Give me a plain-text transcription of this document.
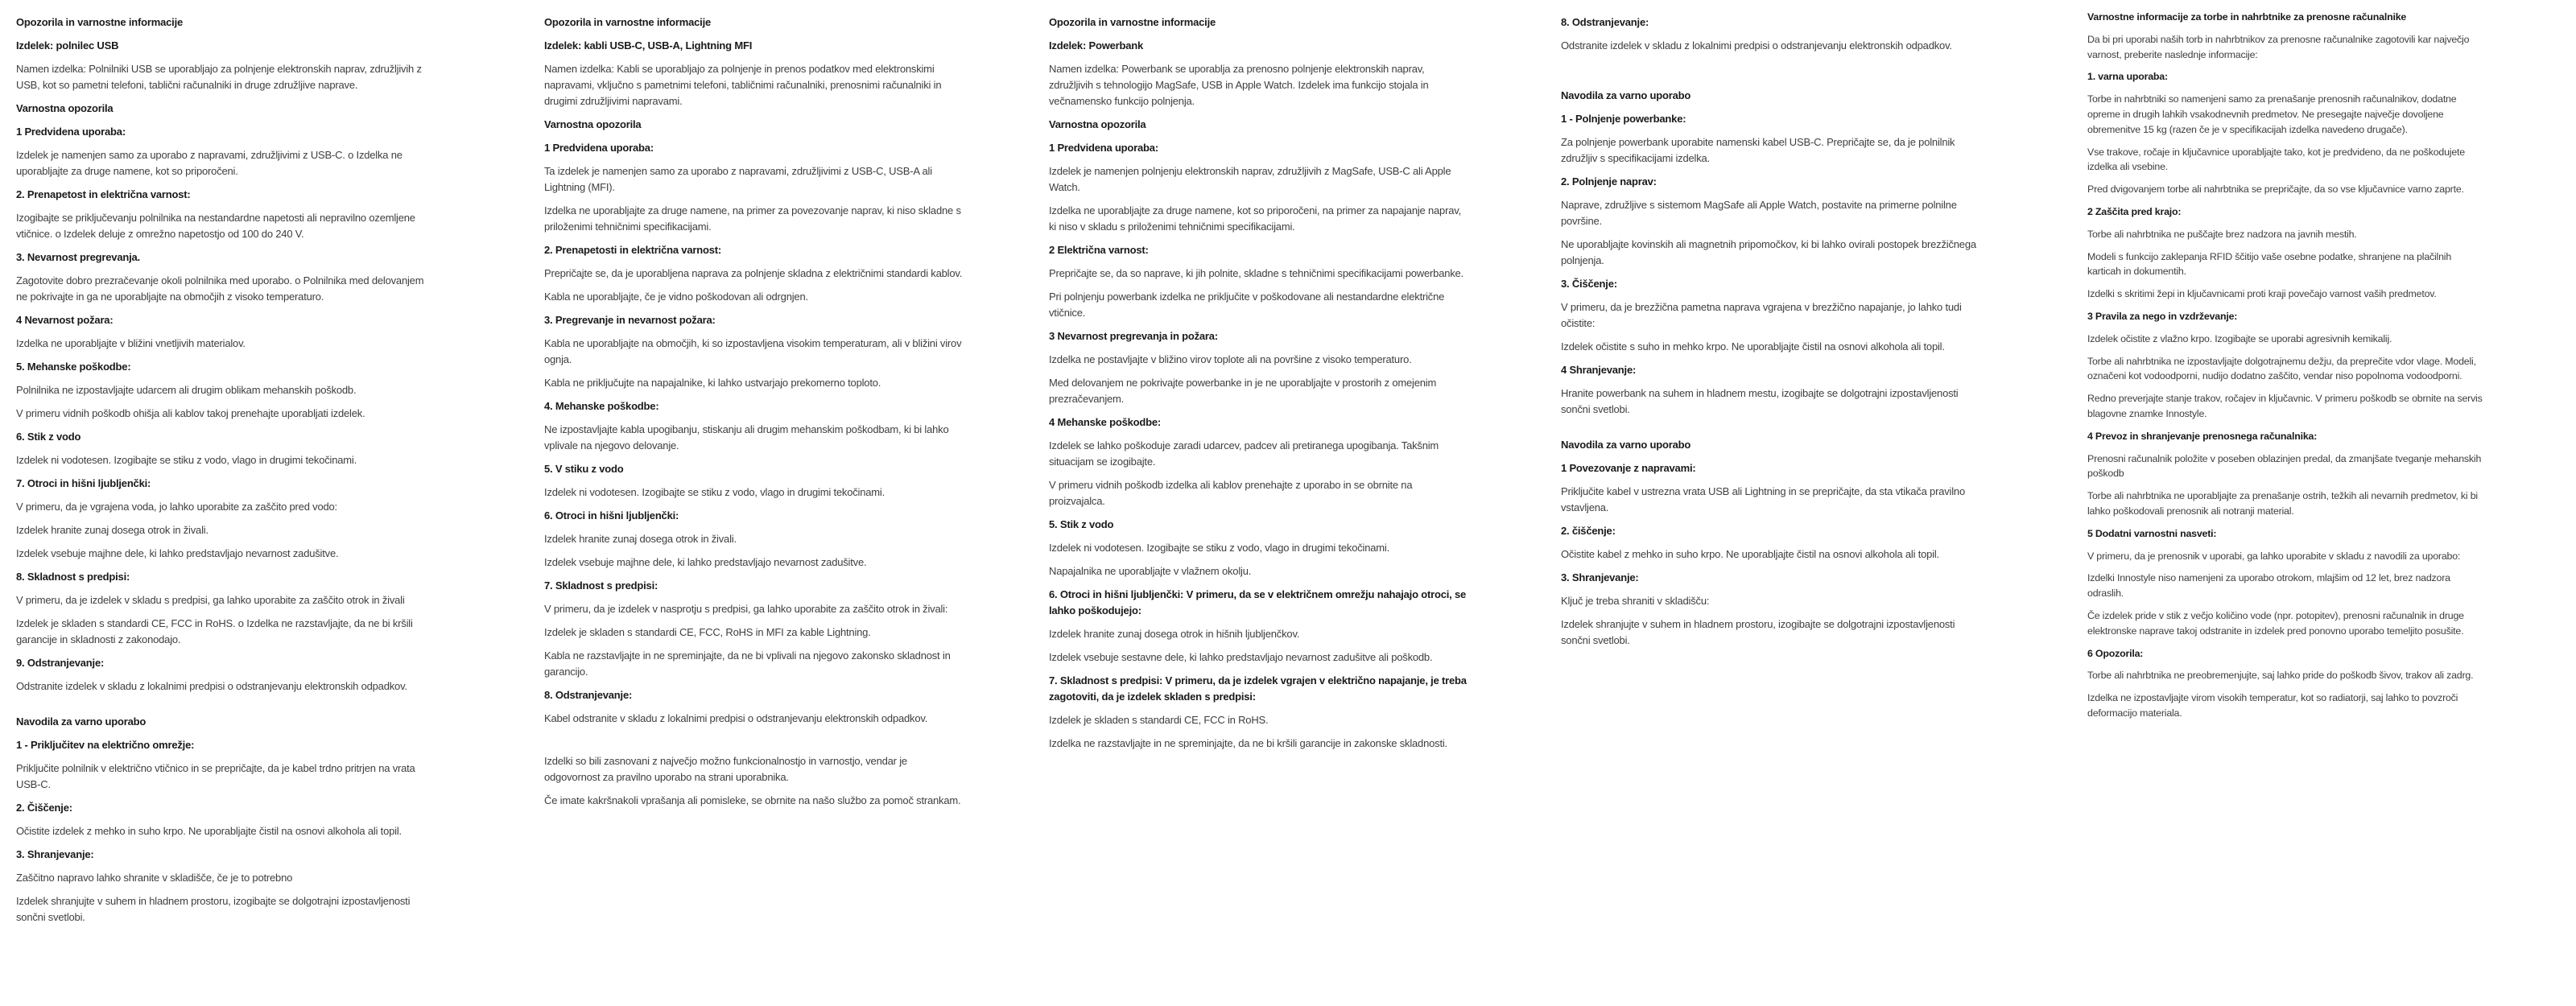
Opozorila in varnostne informacije
Izdelek: polnilec USB

Namen izdelka: Polnilniki USB se uporabljajo za polnjenje elektronskih naprav, združljivih z USB, kot so pametni telefoni, tablični računalniki in druge združljive naprave.

Varnostna opozorila
1 Predvidena uporaba:

Izdelek je namenjen samo za uporabo z napravami, združljivimi z USB-C. o Izdelka ne uporabljajte za druge namene, kot so priporočeni.

2. Prenapetost in električna varnost:

Izogibajte se priključevanju polnilnika na nestandardne napetosti ali nepravilno ozemljene vtičnice. o Izdelek deluje z omrežno napetostjo od 100 do 240 V.

3. Nevarnost pregrevanja.

Zagotovite dobro prezračevanje okoli polnilnika med uporabo. o Polnilnika med delovanjem ne pokrivajte in ga ne uporabljajte na območjih z visoko temperaturo.

4 Nevarnost požara:

Izdelka ne uporabljajte v bližini vnetljivih materialov.

5. Mehanske poškodbe:

Polnilnika ne izpostavljajte udarcem ali drugim oblikam mehanskih poškodb.

V primeru vidnih poškodb ohišja ali kablov takoj prenehajte uporabljati izdelek.

6. Stik z vodo

Izdelek ni vodotesen. Izogibajte se stiku z vodo, vlago in drugimi tekočinami.

7. Otroci in hišni ljubljenčki:

V primeru, da je vgrajena voda, jo lahko uporabite za zaščito pred vodo:

Izdelek hranite zunaj dosega otrok in živali.

Izdelek vsebuje majhne dele, ki lahko predstavljajo nevarnost zadušitve.

8. Skladnost s predpisi:

V primeru, da je izdelek v skladu s predpisi, ga lahko uporabite za zaščito otrok in živali

Izdelek je skladen s standardi CE, FCC in RoHS. o Izdelka ne razstavljajte, da ne bi kršili garancije in skladnosti z zakonodajo.

9. Odstranjevanje:

Odstranite izdelek v skladu z lokalnimi predpisi o odstranjevanju elektronskih odpadkov.

Navodila za varno uporabo
1 - Priključitev na električno omrežje:

Priključite polnilnik v električno vtičnico in se prepričajte, da je kabel trdno pritrjen na vrata USB-C.

2. Čiščenje:

Očistite izdelek z mehko in suho krpo. Ne uporabljajte čistil na osnovi alkohola ali topil.

3. Shranjevanje:

Zaščitno napravo lahko shranite v skladišče, če je to potrebno

Izdelek shranjujte v suhem in hladnem prostoru, izogibajte se dolgotrajni izpostavljenosti sončni svetlobi.

Opozorila in varnostne informacije
Izdelek: kabli USB-C, USB-A, Lightning MFI

Namen izdelka: Kabli se uporabljajo za polnjenje in prenos podatkov med elektronskimi napravami, vključno s pametnimi telefoni, tabličnimi računalniki, prenosnimi računalniki in drugimi združljivimi napravami.

Varnostna opozorila
1 Predvidena uporaba:

Ta izdelek je namenjen samo za uporabo z napravami, združljivimi z USB-C, USB-A ali Lightning (MFI).

Izdelka ne uporabljajte za druge namene, na primer za povezovanje naprav, ki niso skladne s priloženimi tehničnimi specifikacijami.

2. Prenapetosti in električna varnost:

Prepričajte se, da je uporabljena naprava za polnjenje skladna z električnimi standardi kablov.

Kabla ne uporabljajte, če je vidno poškodovan ali odrgnjen.

3. Pregrevanje in nevarnost požara:

Kabla ne uporabljajte na območjih, ki so izpostavljena visokim temperaturam, ali v bližini virov ognja.

Kabla ne priključujte na napajalnike, ki lahko ustvarjajo prekomerno toploto.

4. Mehanske poškodbe:

Ne izpostavljajte kabla upogibanju, stiskanju ali drugim mehanskim poškodbam, ki bi lahko vplivale na njegovo delovanje.

5. V stiku z vodo

Izdelek ni vodotesen. Izogibajte se stiku z vodo, vlago in drugimi tekočinami.

6. Otroci in hišni ljubljenčki:

Izdelek hranite zunaj dosega otrok in živali.

Izdelek vsebuje majhne dele, ki lahko predstavljajo nevarnost zadušitve.

7. Skladnost s predpisi:

V primeru, da je izdelek v nasprotju s predpisi, ga lahko uporabite za zaščito otrok in živali:

Izdelek je skladen s standardi CE, FCC, RoHS in MFI za kable Lightning.

Kabla ne razstavljajte in ne spreminjajte, da ne bi vplivali na njegovo zakonsko skladnost in garancijo.

8. Odstranjevanje:

Kabel odstranite v skladu z lokalnimi predpisi o odstranjevanju elektronskih odpadkov.

Izdelki so bili zasnovani z največjo možno funkcionalnostjo in varnostjo, vendar je odgovornost za pravilno uporabo na strani uporabnika.

Če imate kakršnakoli vprašanja ali pomisleke, se obrnite na našo službo za pomoč strankam.

Opozorila in varnostne informacije
Izdelek: Powerbank

Namen izdelka: Powerbank se uporablja za prenosno polnjenje elektronskih naprav, združljivih s tehnologijo MagSafe, USB in Apple Watch. Izdelek ima funkcijo stojala in večnamensko funkcijo polnjenja.

Varnostna opozorila
1 Predvidena uporaba:

Izdelek je namenjen polnjenju elektronskih naprav, združljivih z MagSafe, USB-C ali Apple Watch.

Izdelka ne uporabljajte za druge namene, kot so priporočeni, na primer za napajanje naprav, ki niso v skladu s priloženimi tehničnimi specifikacijami.

2 Električna varnost:

Prepričajte se, da so naprave, ki jih polnite, skladne s tehničnimi specifikacijami powerbanke.

Pri polnjenju powerbank izdelka ne priključite v poškodovane ali nestandardne električne vtičnice.

3 Nevarnost pregrevanja in požara:

Izdelka ne postavljajte v bližino virov toplote ali na površine z visoko temperaturo.

Med delovanjem ne pokrivajte powerbanke in je ne uporabljajte v prostorih z omejenim prezračevanjem.

4 Mehanske poškodbe:

Izdelek se lahko poškoduje zaradi udarcev, padcev ali pretiranega upogibanja. Takšnim situacijam se izogibajte.

V primeru vidnih poškodb izdelka ali kablov prenehajte z uporabo in se obrnite na proizvajalca.

5. Stik z vodo

Izdelek ni vodotesen. Izogibajte se stiku z vodo, vlago in drugimi tekočinami.

Napajalnika ne uporabljajte v vlažnem okolju.

6. Otroci in hišni ljubljenčki: V primeru, da se v električnem omrežju nahajajo otroci, se lahko poškodujejo:

Izdelek hranite zunaj dosega otrok in hišnih ljubljenčkov.

Izdelek vsebuje sestavne dele, ki lahko predstavljajo nevarnost zadušitve ali poškodb.

7. Skladnost s predpisi: V primeru, da je izdelek vgrajen v električno napajanje, je treba zagotoviti, da je izdelek skladen s predpisi:

Izdelek je skladen s standardi CE, FCC in RoHS.

Izdelka ne razstavljajte in ne spreminjajte, da ne bi kršili garancije in zakonske skladnosti.

8. Odstranjevanje:

Odstranite izdelek v skladu z lokalnimi predpisi o odstranjevanju elektronskih odpadkov.

Navodila za varno uporabo
1 - Polnjenje powerbanke:

Za polnjenje powerbank uporabite namenski kabel USB-C. Prepričajte se, da je polnilnik združljiv s specifikacijami izdelka.

2. Polnjenje naprav:

Naprave, združljive s sistemom MagSafe ali Apple Watch, postavite na primerne polnilne površine.

Ne uporabljajte kovinskih ali magnetnih pripomočkov, ki bi lahko ovirali postopek brezžičnega polnjenja.

3. Čiščenje:

V primeru, da je brezžična pametna naprava vgrajena v brezžično napajanje, jo lahko tudi očistite:

Izdelek očistite s suho in mehko krpo. Ne uporabljajte čistil na osnovi alkohola ali topil.

4 Shranjevanje:

Hranite powerbank na suhem in hladnem mestu, izogibajte se dolgotrajni izpostavljenosti sončni svetlobi.

Navodila za varno uporabo
1 Povezovanje z napravami:

Priključite kabel v ustrezna vrata USB ali Lightning in se prepričajte, da sta vtikača pravilno vstavljena.

2. čiščenje:

Očistite kabel z mehko in suho krpo. Ne uporabljajte čistil na osnovi alkohola ali topil.

3. Shranjevanje:

Ključ je treba shraniti v skladišču:

Izdelek shranjujte v suhem in hladnem prostoru, izogibajte se dolgotrajni izpostavljenosti sončni svetlobi.

Varnostne informacije za torbe in nahrbtnike za prenosne računalnike

Da bi pri uporabi naših torb in nahrbtnikov za prenosne računalnike zagotovili kar največjo varnost, preberite naslednje informacije:

1. varna uporaba:

Torbe in nahrbtniki so namenjeni samo za prenašanje prenosnih računalnikov, dodatne opreme in drugih lahkih vsakodnevnih predmetov. Ne presegajte največje dovoljene obremenitve 15 kg (razen če je v specifikacijah izdelka navedeno drugače).

Vse trakove, ročaje in ključavnice uporabljajte tako, kot je predvideno, da ne poškodujete izdelka ali vsebine.

Pred dvigovanjem torbe ali nahrbtnika se prepričajte, da so vse ključavnice varno zaprte.

2 Zaščita pred krajo:

Torbe ali nahrbtnika ne puščajte brez nadzora na javnih mestih.

Modeli s funkcijo zaklepanja RFID ščitijo vaše osebne podatke, shranjene na plačilnih karticah in dokumentih.

Izdelki s skritimi žepi in ključavnicami proti kraji povečajo varnost vaših predmetov.

3 Pravila za nego in vzdrževanje:

Izdelek očistite z vlažno krpo. Izogibajte se uporabi agresivnih kemikalij.

Torbe ali nahrbtnika ne izpostavljajte dolgotrajnemu dežju, da preprečite vdor vlage. Modeli, označeni kot vodoodporni, nudijo dodatno zaščito, vendar niso popolnoma vodoodporni.

Redno preverjajte stanje trakov, ročajev in ključavnic. V primeru poškodb se obrnite na servis blagovne znamke Innostyle.

4 Prevoz in shranjevanje prenosnega računalnika:

Prenosni računalnik položite v poseben oblazinjen predal, da zmanjšate tveganje mehanskih poškodb

Torbe ali nahrbtnika ne uporabljajte za prenašanje ostrih, težkih ali nevarnih predmetov, ki bi lahko poškodovali prenosnik ali notranji material.

5 Dodatni varnostni nasveti:

V primeru, da je prenosnik v uporabi, ga lahko uporabite v skladu z navodili za uporabo:

Izdelki Innostyle niso namenjeni za uporabo otrokom, mlajšim od 12 let, brez nadzora odraslih.

Če izdelek pride v stik z večjo količino vode (npr. potopitev), prenosni računalnik in druge elektronske naprave takoj odstranite in izdelek pred ponovno uporabo temeljito posušite.

6 Opozorila:

Torbe ali nahrbtnika ne preobremenjujte, saj lahko pride do poškodb šivov, trakov ali zadrg.

Izdelka ne izpostavljajte virom visokih temperatur, kot so radiatorji, saj lahko to povzroči deformacijo materiala.
